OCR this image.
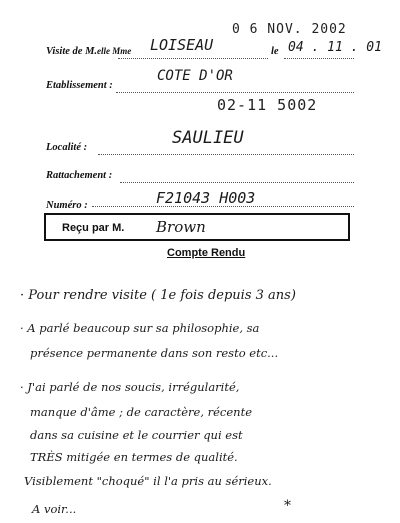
0 6 NOV. 2002
Visite de M.elle Mme LOISEAU	le 04 . 11 . 01
Etablissement :
COTE D'OR
02-11 5002
Localité :	SAULIEU
Rattachement :
Numéro :	F21043 H003
Reçu par M. Brown
Compte Rendu
· Pour rendre visite ( 1e fois depuis 3 ans)
· A parlé beaucoup sur sa philosophie, sa
présence permanente dans son resto etc...
· J'ai parlé de nos soucis, irrégularité,
manque d'âme ; de caractère, récente
dans sa cuisine et le courrier qui est
TRÈS mitigée en termes de qualité.
Visiblement "choqué" il l'a pris au sérieux.
A voir...	*
